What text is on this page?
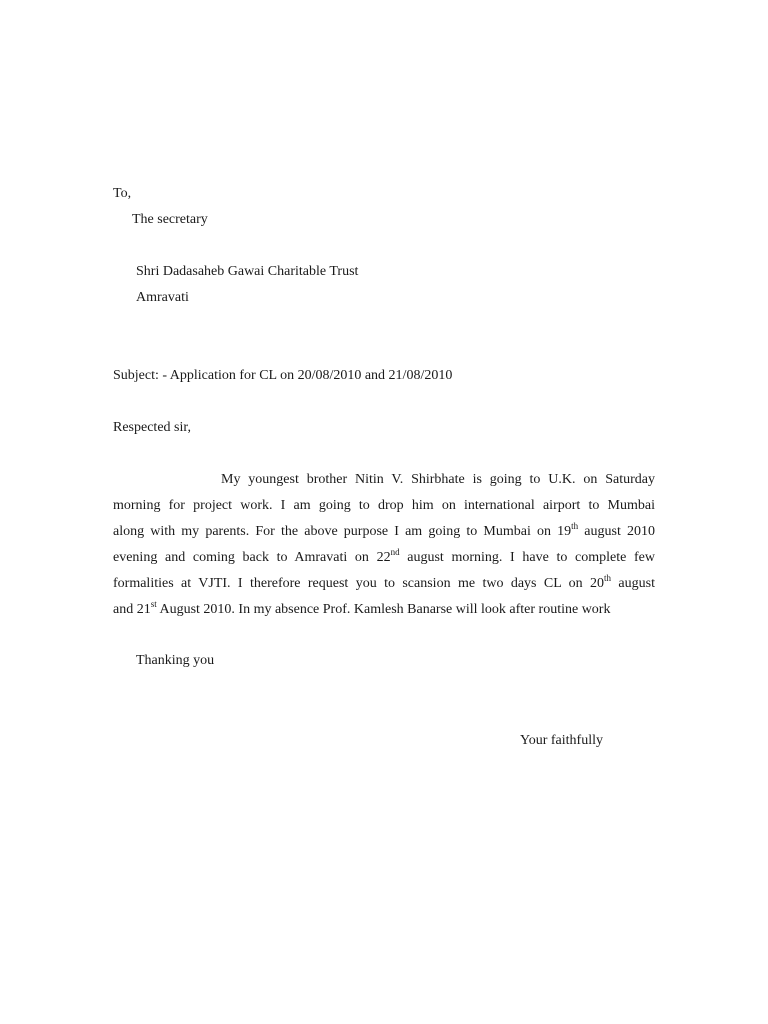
To,
The secretary
Shri Dadasaheb Gawai Charitable Trust
Amravati
Subject: - Application for CL on 20/08/2010 and 21/08/2010
Respected sir,
My youngest brother Nitin V. Shirbhate is going to U.K. on Saturday
morning for project work. I am going to drop him on international airport to Mumbai
along with my parents. For the above purpose I am going to Mumbai on 19th august 2010
evening and coming back to Amravati on 22nd august morning. I have to complete few
formalities at VJTI. I therefore request you to scansion me two days CL on 20th august
and 21st August 2010. In my absence Prof. Kamlesh Banarse will look after routine work
Thanking you
Your faithfully
